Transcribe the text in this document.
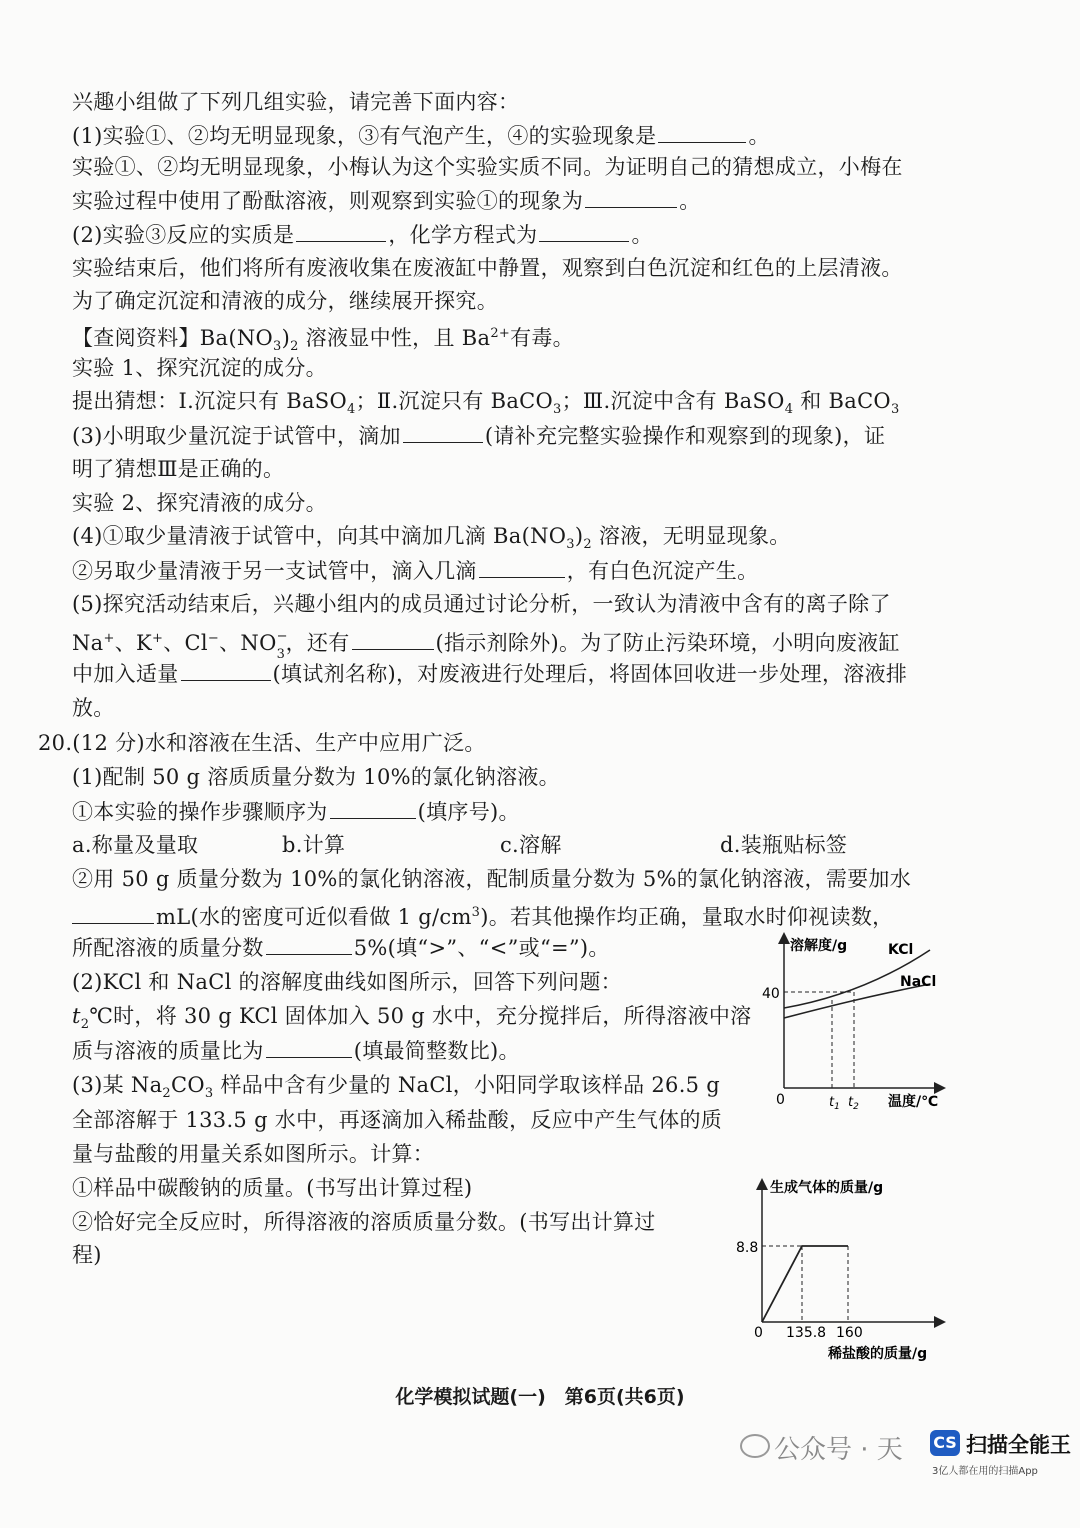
兴趣小组做了下列几组实验，请完善下面内容：
(1)实验①、②均无明显现象，③有气泡产生，④的实验现象是	。
实验①、②均无明显现象，小梅认为这个实验实质不同。为证明自己的猜想成立，小梅在
实验过程中使用了酚酞溶液，则观察到实验①的现象为	。
(2)实验③反应的实质是	，化学方程式为	。
实验结束后，他们将所有废液收集在废液缸中静置，观察到白色沉淀和红色的上层清液。
为了确定沉淀和清液的成分，继续展开探究。
【查阅资料】$Ba(NO_3)_2$ 溶液显中性，且 $Ba^{2+}$有毒。
实验 1、探究沉淀的成分。
提出猜想：Ⅰ.沉淀只有 BaSO$_4$；Ⅱ.沉淀只有 BaCO$_3$；Ⅲ.沉淀中含有 BaSO$_4$ 和 BaCO$_3$
(3)小明取少量沉淀于试管中，滴加	(请补充完整实验操作和观察到的现象)，证
明了猜想Ⅲ是正确的。
实验 2、探究清液的成分。
(4)①取少量清液于试管中，向其中滴加几滴 $Ba(NO_3)_2$ 溶液，无明显现象。
②另取少量清液于另一支试管中，滴入几滴	，有白色沉淀产生。
(5)探究活动结束后，兴趣小组内的成员通过讨论分析，一致认为清液中含有的离子除了
Na+、K+、Cl−、NO −
3 ，还有	(指示剂除外)。为了防止污染环境，小明向废液缸
中加入适量	(填试剂名称)，对废液进行处理后，将固体回收进一步处理，溶液排
放。
20.(12 分)水和溶液在生活、生产中应用广泛。
(1)配制 50 g 溶质质量分数为 10%的氯化钠溶液。
①本实验的操作步骤顺序为	(填序号)。
a.称量及量取	b.计算	c.溶解	d.装瓶贴标签
②用 50 g 质量分数为 10%的氯化钠溶液，配制质量分数为 5%的氯化钠溶液，需要加水
mL(水的密度可近似看做 1 $g/cm^3$)。若其他操作均正确，量取水时仰视读数，
所配溶液的质量分数	5%(填“>”、“<”或“=”)。
(2)KCl 和 NaCl 的溶解度曲线如图所示，回答下列问题：
$t_2℃$时，将 30 g KCl 固体加入 50 g 水中，充分搅拌后，所得溶液中溶
质与溶液的质量比为	(填最简整数比)。
(3)某 $Na_2CO_3$ 样品中含有少量的 NaCl，小阳同学取该样品 26.5 g
全部溶解于 133.5 g 水中，再逐滴加入稀盐酸，反应中产生气体的质
量与盐酸的用量关系如图所示。计算：
①样品中碳酸钠的质量。(书写出计算过程)
②恰好完全反应时，所得溶液的溶质质量分数。(书写出计算过
程)
溶解度/g
温度/℃
0
40
$t_1$ $t_2$
KCl
NaCl
生成气体的质量/g
稀盐酸的质量/g
0
8.8
135.8 160
化学模拟试题(一)　第6页(共6页)
公众号 · 天 CS 扫描全能王
3亿人都在用的扫描App
